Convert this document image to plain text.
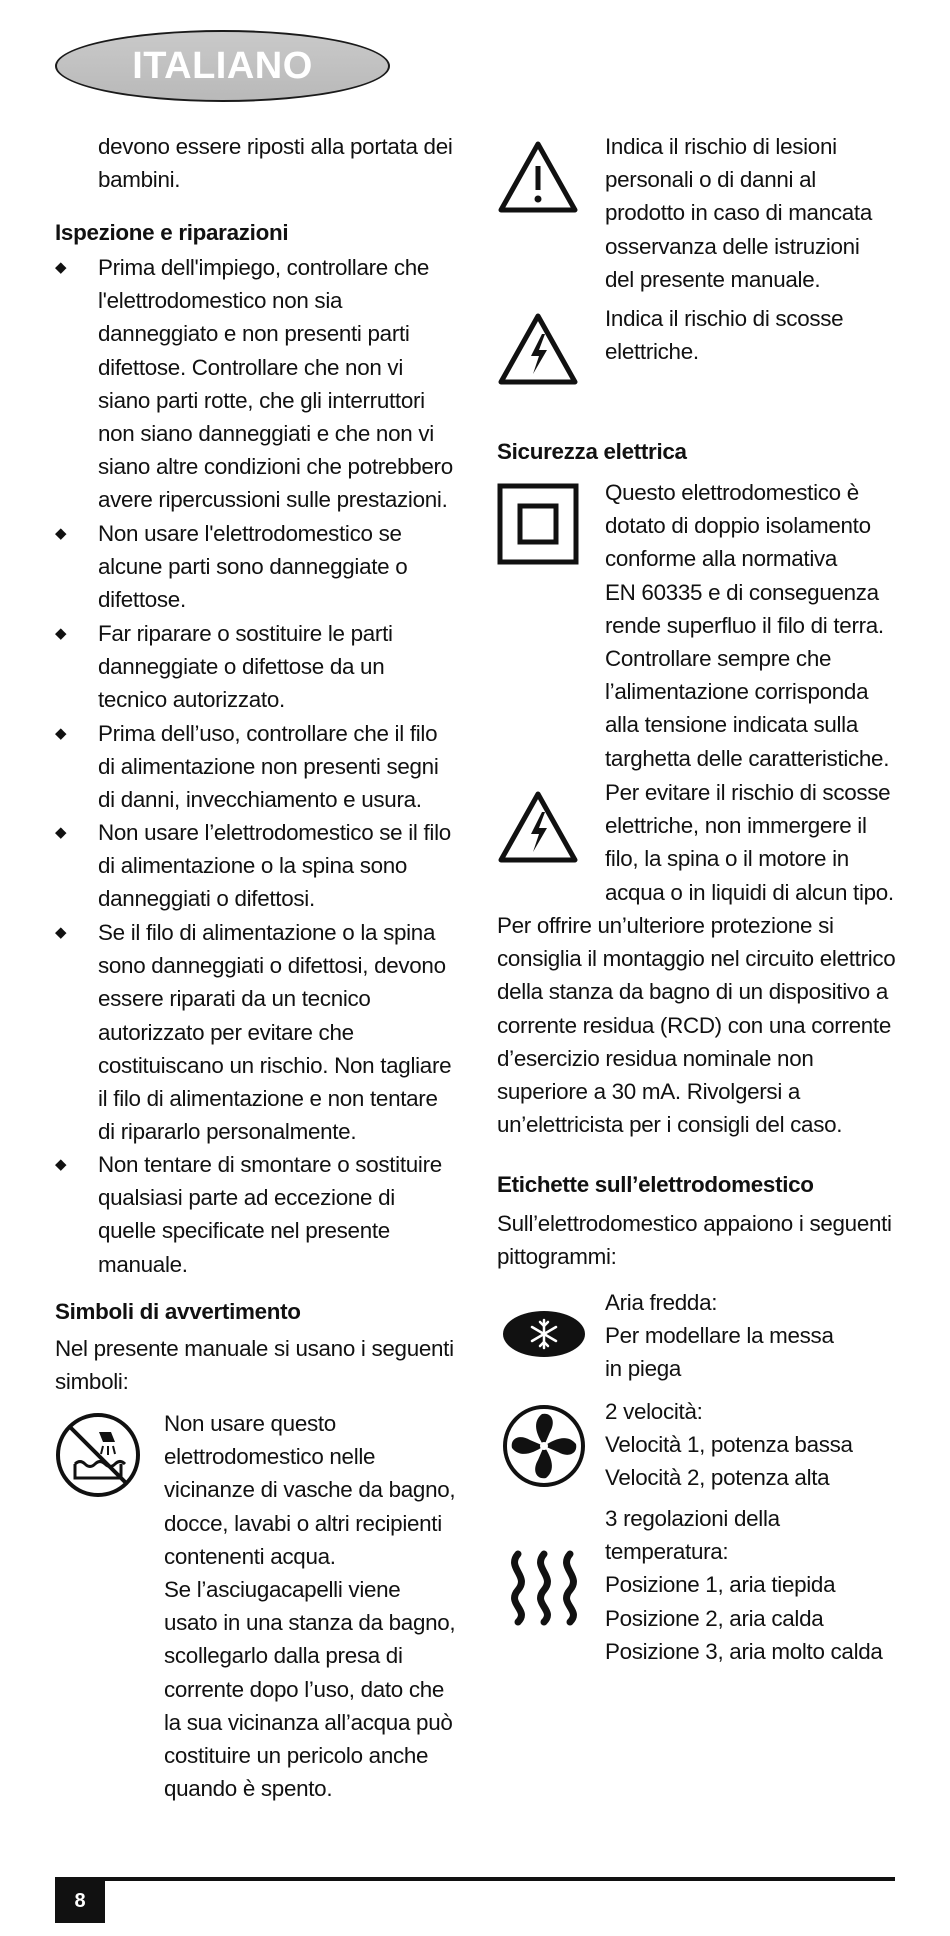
ITALIANO
devono essere riposti alla portata dei
bambini.
Ispezione e riparazioni
◆ Prima dell'impiego, controllare che
l'elettrodomestico non sia
danneggiato e non presenti parti
difettose. Controllare che non vi
siano parti rotte, che gli interruttori
non siano danneggiati e che non vi
siano altre condizioni che potrebbero
avere ripercussioni sulle prestazioni.
◆ Non usare l'elettrodomestico se
alcune parti sono danneggiate o
difettose.
◆ Far riparare o sostituire le parti
danneggiate o difettose da un
tecnico autorizzato.
◆ Prima dell’uso, controllare che il filo
di alimentazione non presenti segni
di danni, invecchiamento e usura.
◆ Non usare l’elettrodomestico se il filo
di alimentazione o la spina sono
danneggiati o difettosi.
◆ Se il filo di alimentazione o la spina
sono danneggiati o difettosi, devono
essere riparati da un tecnico
autorizzato per evitare che
costituiscano un rischio. Non tagliare
il filo di alimentazione e non tentare
di ripararlo personalmente.
◆ Non tentare di smontare o sostituire
qualsiasi parte ad eccezione di
quelle specificate nel presente
manuale.
Simboli di avvertimento
Nel presente manuale si usano i seguenti
simboli:
Non usare questo
elettrodomestico nelle
vicinanze di vasche da bagno,
docce, lavabi o altri recipienti
contenenti acqua.
Se l’asciugacapelli viene
usato in una stanza da bagno,
scollegarlo dalla presa di
corrente dopo l’uso, dato che
la sua vicinanza all’acqua può
costituire un pericolo anche
quando è spento.
Indica il rischio di lesioni
personali o di danni al
prodotto in caso di mancata
osservanza delle istruzioni
del presente manuale.
Indica il rischio di scosse
elettriche.
Sicurezza elettrica
Questo elettrodomestico è
dotato di doppio isolamento
conforme alla normativa
EN 60335 e di conseguenza
rende superfluo il filo di terra.
Controllare sempre che
l’alimentazione corrisponda
alla tensione indicata sulla
targhetta delle caratteristiche.
Per evitare il rischio di scosse
elettriche, non immergere il
filo, la spina o il motore in
acqua o in liquidi di alcun tipo.
Per offrire un’ulteriore protezione si
consiglia il montaggio nel circuito elettrico
della stanza da bagno di un dispositivo a
corrente residua (RCD) con una corrente
d’esercizio residua nominale non
superiore a 30 mA. Rivolgersi a
un’elettricista per i consigli del caso.
Etichette sull’elettrodomestico
Sull’elettrodomestico appaiono i seguenti
pittogrammi:
Aria fredda:
Per modellare la messa
in piega
2 velocità:
Velocità 1, potenza bassa
Velocità 2, potenza alta
3 regolazioni della
temperatura:
Posizione 1, aria tiepida
Posizione 2, aria calda
Posizione 3, aria molto calda
8
